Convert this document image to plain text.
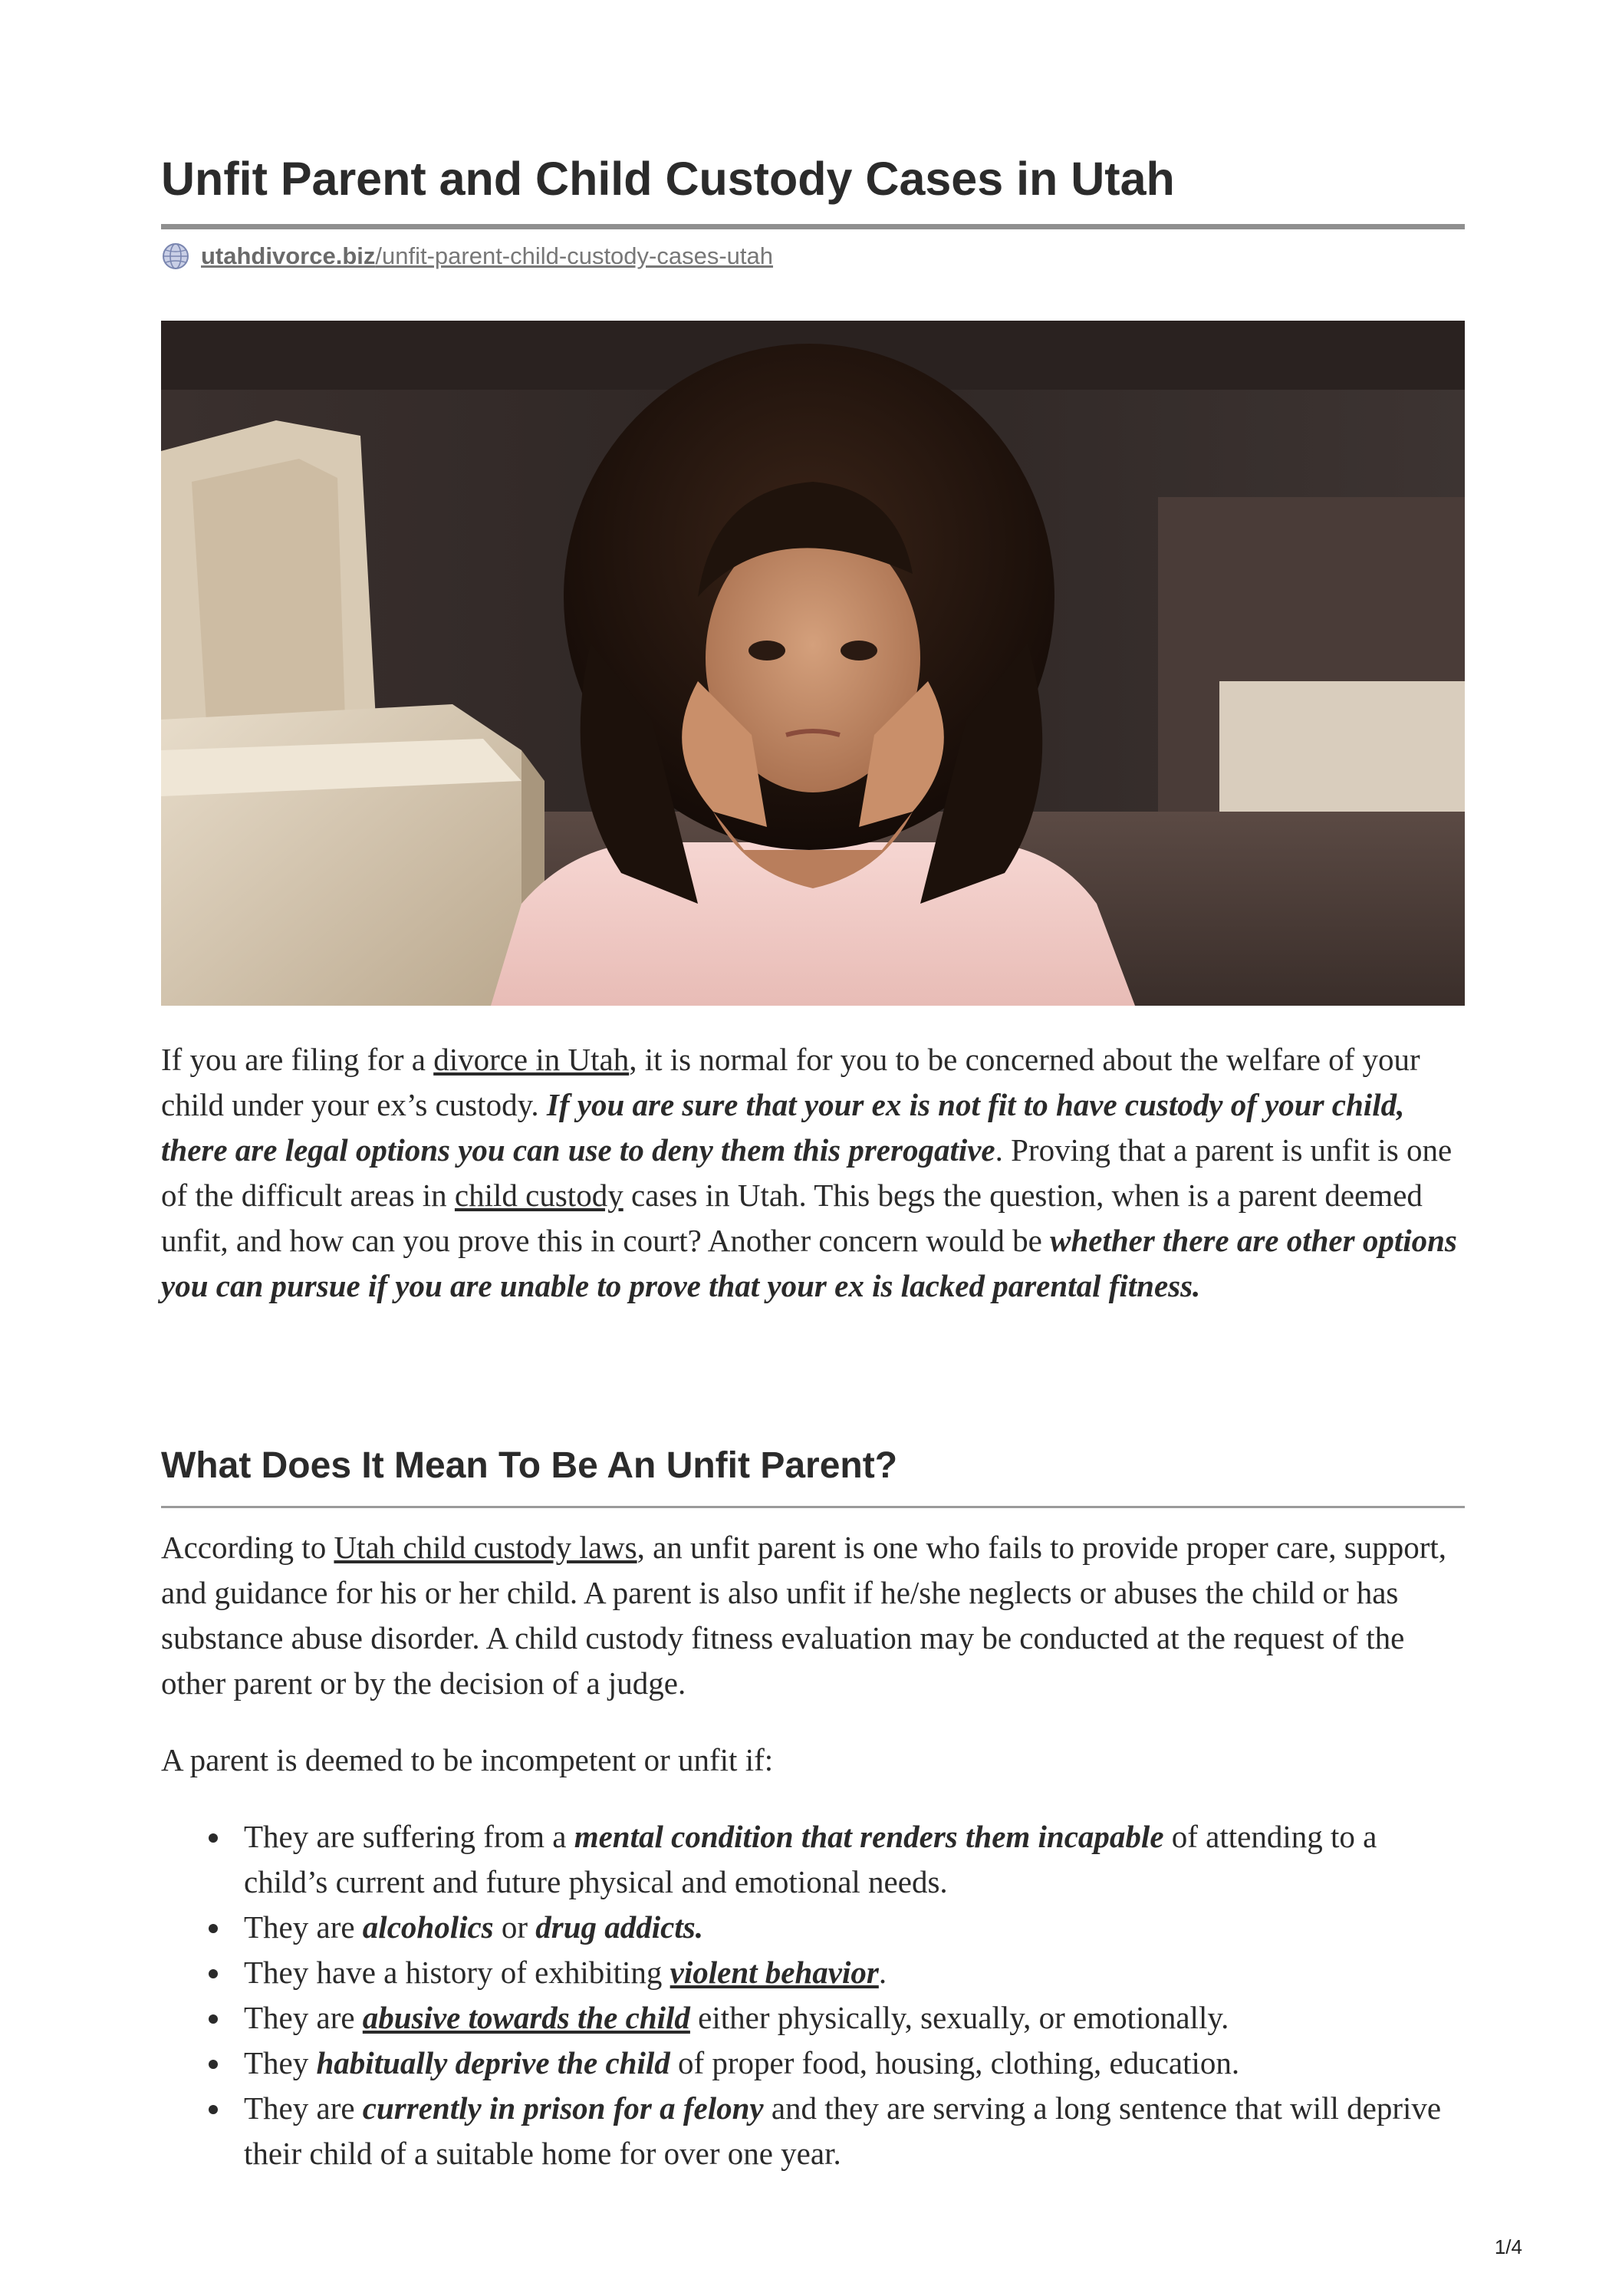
Unfit Parent and Child Custody Cases in Utah
utahdivorce.biz/unfit-parent-child-custody-cases-utah

If you are filing for a divorce in Utah, it is normal for you to be concerned about the welfare of your child under your ex’s custody. If you are sure that your ex is not fit to have custody of your child, there are legal options you can use to deny them this prerogative. Proving that a parent is unfit is one of the difficult areas in child custody cases in Utah. This begs the question, when is a parent deemed unfit, and how can you prove this in court? Another concern would be whether there are other options you can pursue if you are unable to prove that your ex is lacked parental fitness.

What Does It Mean To Be An Unfit Parent?

According to Utah child custody laws, an unfit parent is one who fails to provide proper care, support, and guidance for his or her child. A parent is also unfit if he/she neglects or abuses the child or has substance abuse disorder. A child custody fitness evaluation may be conducted at the request of the other parent or by the decision of a judge.

A parent is deemed to be incompetent or unfit if:

They are suffering from a mental condition that renders them incapable of attending to a child’s current and future physical and emotional needs.
They are alcoholics or drug addicts.
They have a history of exhibiting violent behavior.
They are abusive towards the child either physically, sexually, or emotionally.
They habitually deprive the child of proper food, housing, clothing, education.
They are currently in prison for a felony and they are serving a long sentence that will deprive their child of a suitable home for over one year.
1/4
